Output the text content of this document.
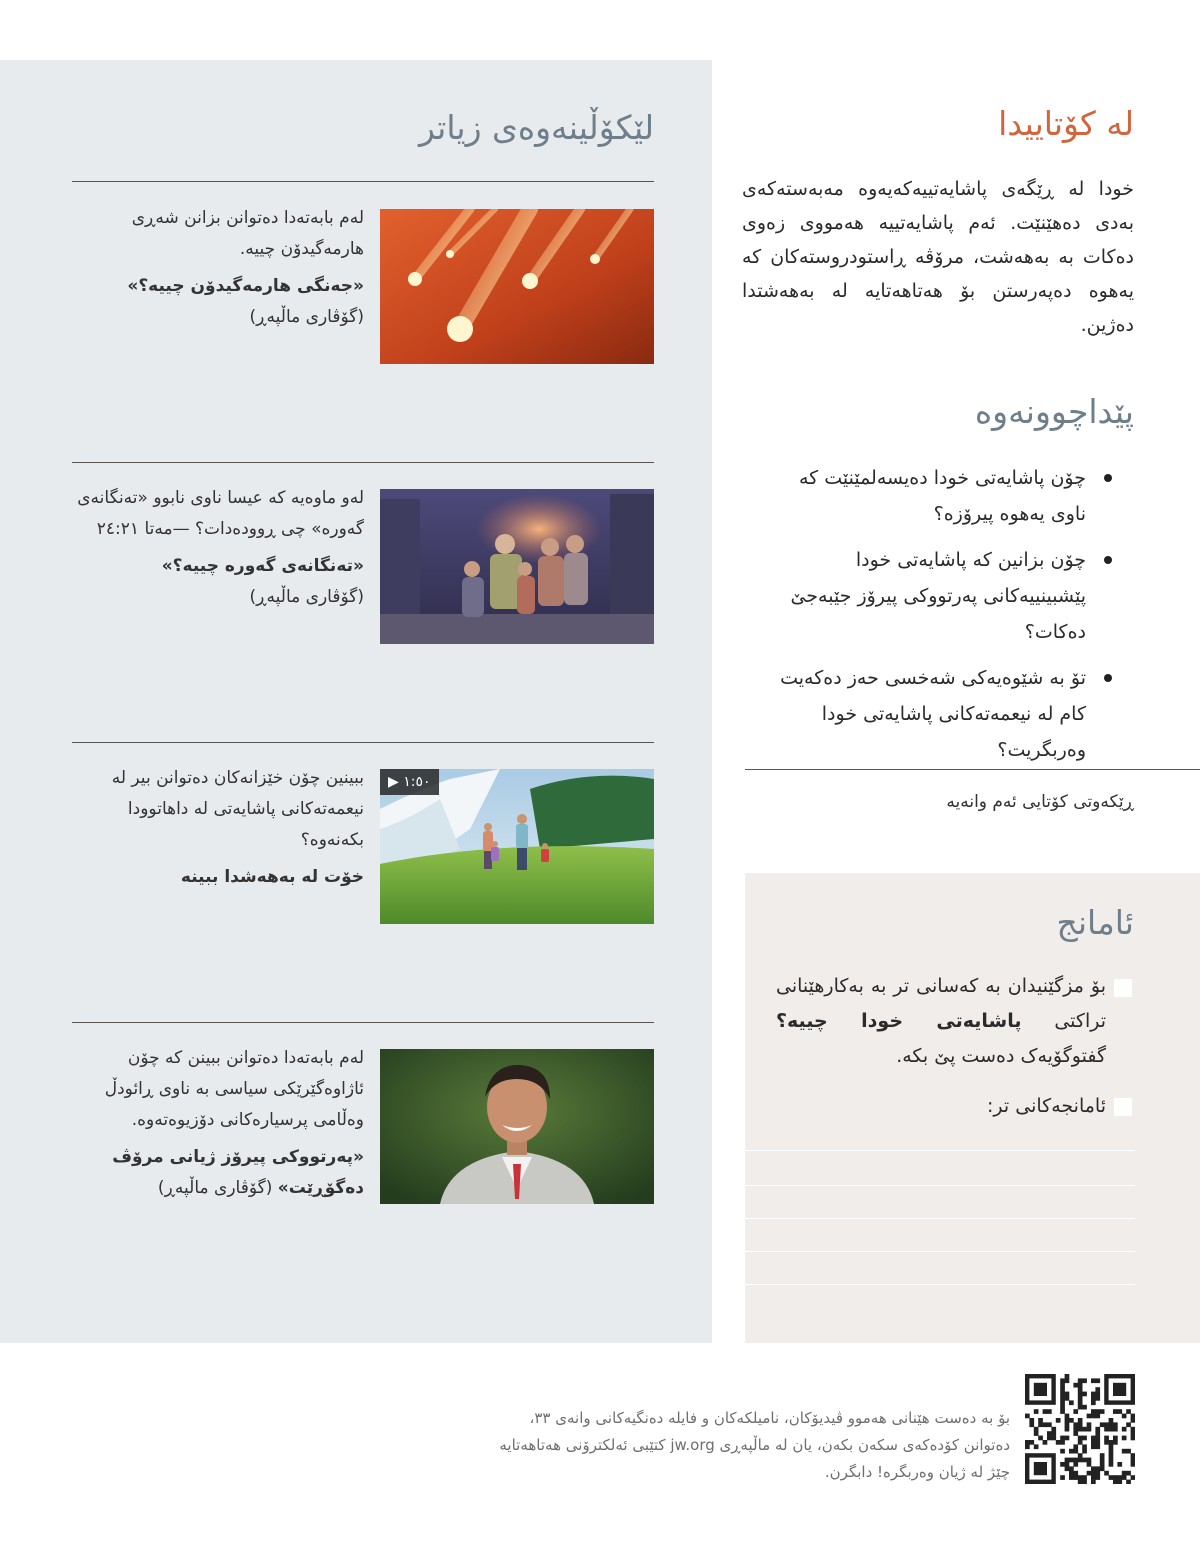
لێکۆڵینەوەی زیاتر
لەم بابەتەدا دەتوانن بزانن شەڕی هارمەگیدۆن چییە.
«جەنگی هارمەگیدۆن چییە؟»
(گۆڤاری ماڵپەڕ)
لەو ماوەیە کە عیسا ناوی نابوو «تەنگانەی گەورە» چی ڕوودەدات؟ —مەتا ٢٤:٢١
«تەنگانەی گەورە چییە؟»
(گۆڤاری ماڵپەڕ)
▶ ١:٥٠
ببینین چۆن خێزانەکان دەتوانن بیر لە نیعمەتەکانی پاشایەتی لە داهاتوودا بکەنەوە؟
خۆت لە بەهەشدا ببینە
لەم بابەتەدا دەتوانن ببینن کە چۆن ئاژاوەگێرێکی سیاسی بە ناوی ڕائودڵ وەڵامی پرسیارەکانی دۆزیوەتەوە.
«پەرتووکی پیرۆز ژیانی مرۆڤ دەگۆڕێت» (گۆڤاری ماڵپەڕ)
لە کۆتاییدا
خودا لە ڕێگەی پاشایەتییەکەیەوە مەبەستەکەی بەدی دەهێنێت. ئەم پاشایەتییە هەمووی زەوی دەکات بە بەهەشت، مرۆڤە ڕاستودروستەکان کە یەهوە دەپەرستن بۆ هەتاهەتایە لە بەهەشتدا دەژین.
پێداچوونەوە
چۆن پاشایەتی خودا دەیسەلمێنێت کە ناوی یەهوە پیرۆزە؟
چۆن بزانین کە پاشایەتی خودا پێشبینییەکانی پەرتووکی پیرۆز جێبەجێ دەکات؟
تۆ بە شێوەیەکی شەخسی حەز دەکەیت کام لە نیعمەتەکانی پاشایەتی خودا وەربگریت؟
ڕێکەوتی کۆتایی ئەم وانەیە
ئامانج
بۆ مزگێنیدان بە کەسانی تر بە بەکارهێنانی تراکتی پاشایەتی خودا چییە؟ گفتوگۆیەک دەست پێ بکە.
ئامانجەکانی تر:
بۆ بە دەست هێنانی هەموو ڤیدیۆکان، نامیلکەکان و فایلە دەنگیەکانی وانەی ٣٣، دەتوانن کۆدەکەی سکەن بکەن، یان لە ماڵپەڕی jw.org کتێبی ئەلکترۆنی هەتاهەتایە چێژ لە ژیان وەربگرە! دابگرن.
